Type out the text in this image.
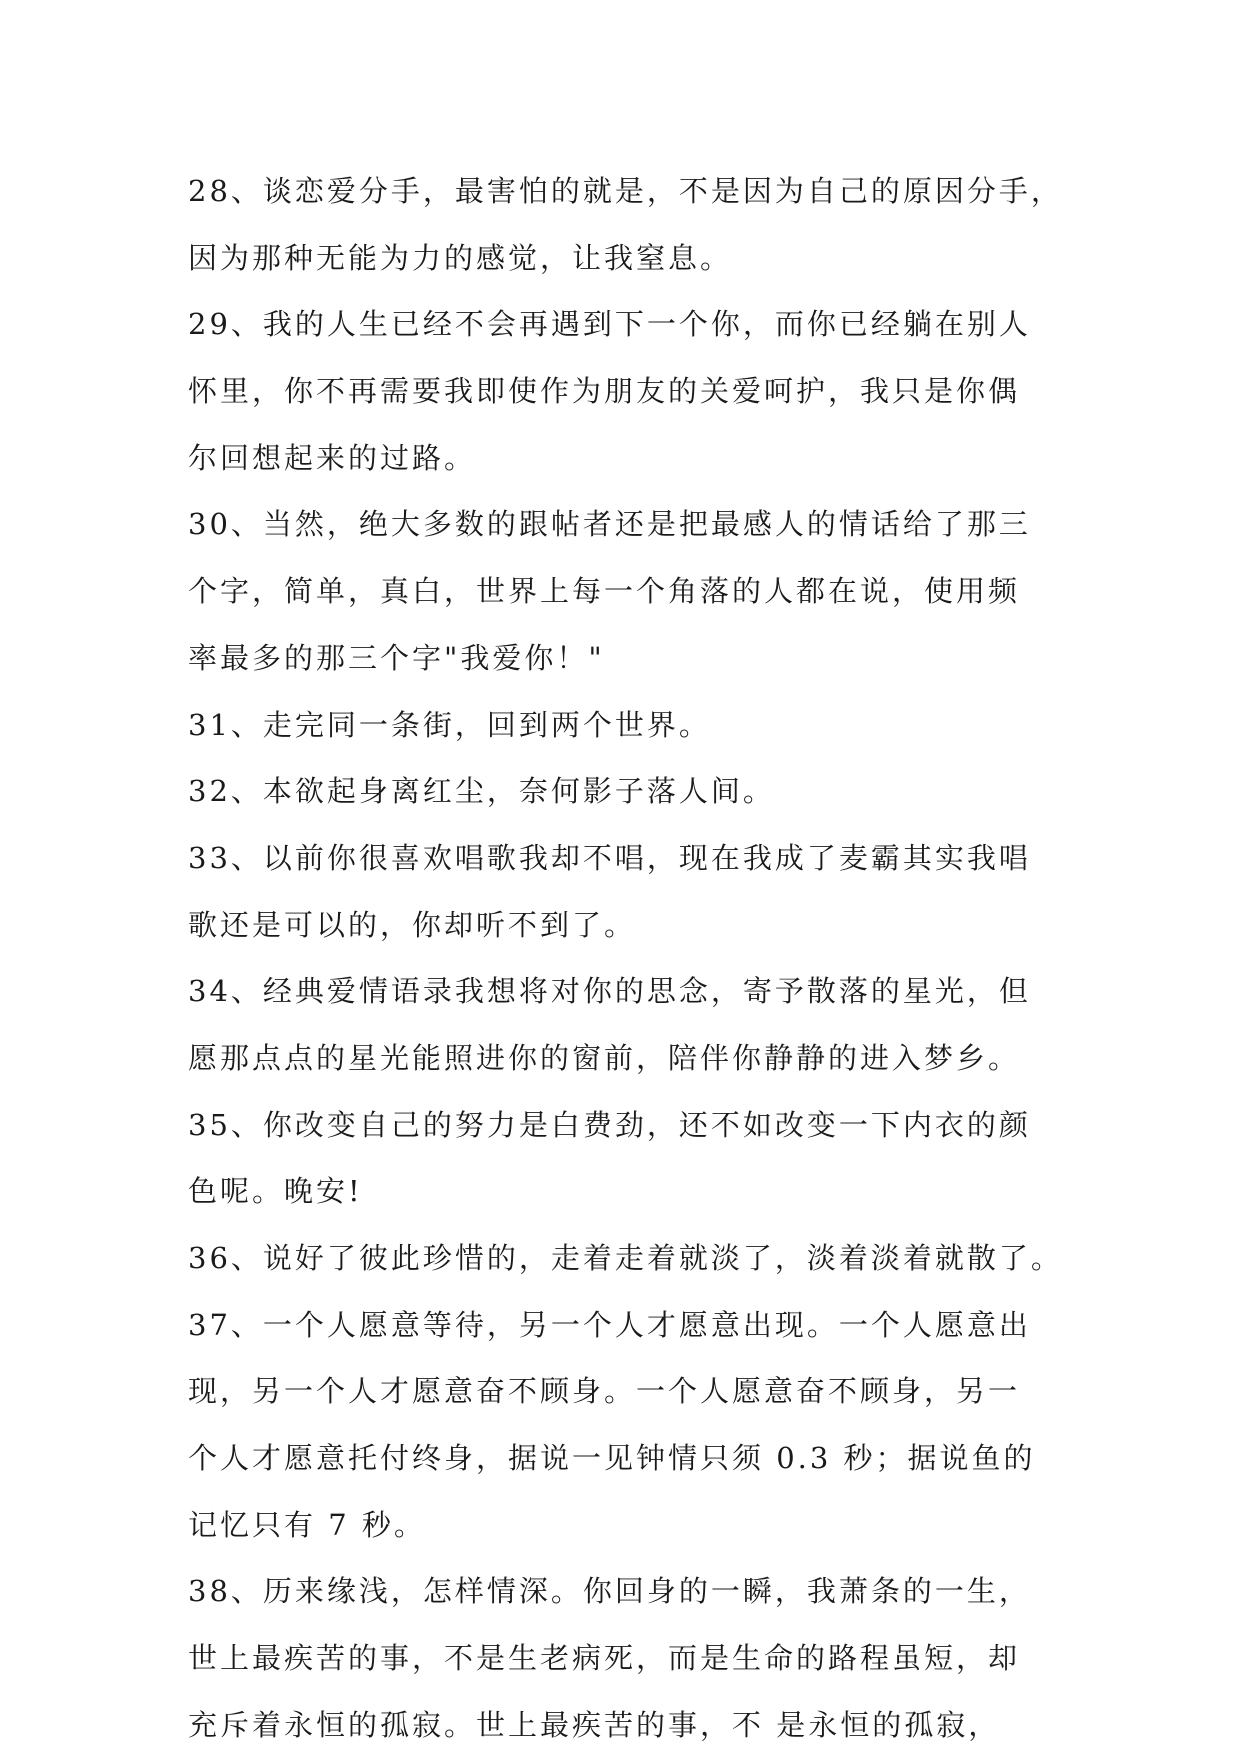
28、谈恋爱分手，最害怕的就是，不是因为自己的原因分手，
因为那种无能为力的感觉，让我窒息。
29、我的人生已经不会再遇到下一个你，而你已经躺在别人
怀里，你不再需要我即使作为朋友的关爱呵护，我只是你偶
尔回想起来的过路。
30、当然，绝大多数的跟帖者还是把最感人的情话给了那三
个字，简单，真白，世界上每一个角落的人都在说，使用频
率最多的那三个字"我爱你！"
31、走完同一条街，回到两个世界。
32、本欲起身离红尘，奈何影子落人间。
33、以前你很喜欢唱歌我却不唱，现在我成了麦霸其实我唱
歌还是可以的，你却听不到了。
34、经典爱情语录我想将对你的思念，寄予散落的星光，但
愿那点点的星光能照进你的窗前，陪伴你静静的进入梦乡。
35、你改变自己的努力是白费劲，还不如改变一下内衣的颜
色呢。晚安!
36、说好了彼此珍惜的，走着走着就淡了，淡着淡着就散了。
37、一个人愿意等待，另一个人才愿意出现。一个人愿意出
现，另一个人才愿意奋不顾身。一个人愿意奋不顾身，另一
个人才愿意托付终身，据说一见钟情只须 0.3 秒；据说鱼的
记忆只有 7 秒。
38、历来缘浅，怎样情深。你回身的一瞬，我萧条的一生，
世上最疾苦的事，不是生老病死，而是生命的路程虽短，却
充斥着永恒的孤寂。世上最疾苦的事，不 是永恒的孤寂，
